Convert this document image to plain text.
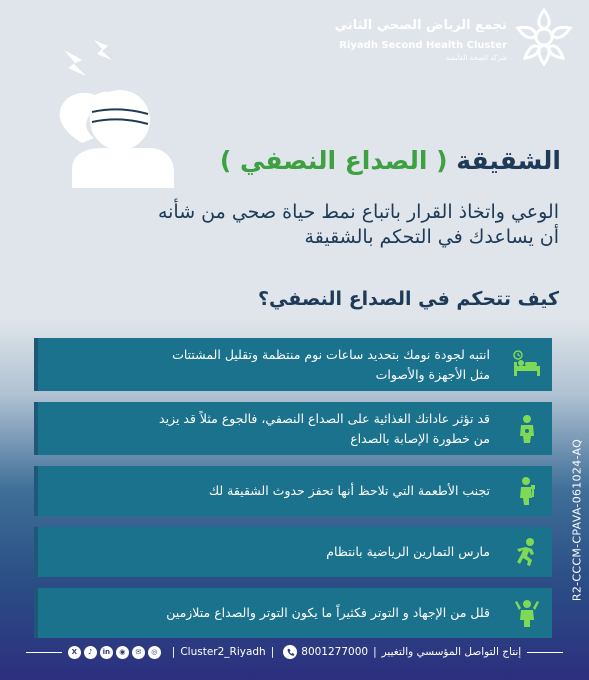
تجمع الرياض الصحي الثاني
Riyadh Second Health Cluster
شركة الصحة القابضة
الشقيقة ( الصداع النصفي )
الوعي واتخاذ القرار باتباع نمط حياة صحي من شأنه
أن يساعدك في التحكم بالشقيقة
كيف تتحكم في الصداع النصفي؟
انتبه لجودة نومك بتحديد ساعات نوم منتظمة وتقليل المشتتات
مثل الأجهزة والأصوات
قد تؤثر عاداتك الغذائية على الصداع النصفي، فالجوع مثلاً قد يزيد
من خطورة الإصابة بالصداع
تجنب الأطعمة التي تلاحظ أنها تحفز حدوث الشقيقة لك
مارس التمارين الرياضية بانتظام
قلل من الإجهاد و التوتر فكثيراً ما يكون التوتر والصداع متلازمين
R2-CCCM-CPAVA-061024-AQ
X	♪	in	◉	✉	◎	| Cluster2_Riyadh |	8001277000 | إنتاج التواصل المؤسسي والتغيير
